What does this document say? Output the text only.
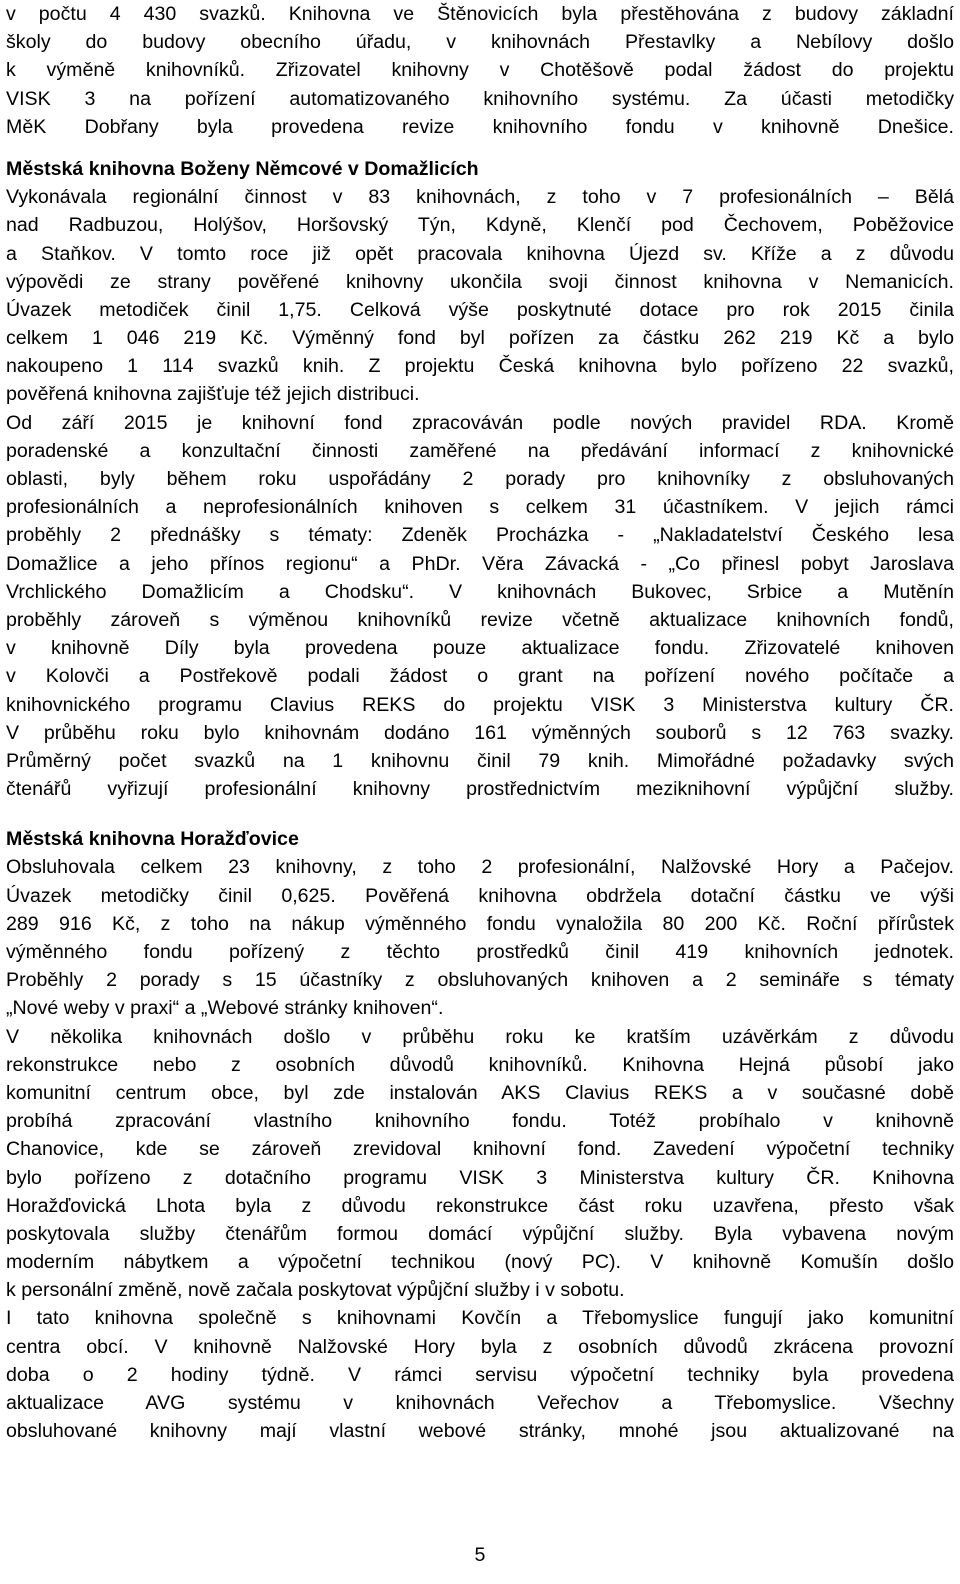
v počtu 4 430 svazků. Knihovna ve Štěnovicích byla přestěhována z budovy základní
školy do budovy obecního úřadu, v knihovnách Přestavlky a Nebílovy došlo
k výměně knihovníků. Zřizovatel knihovny v Chotěšově podal žádost do projektu
VISK 3 na pořízení automatizovaného knihovního systému. Za účasti metodičky
MěK Dobřany byla provedena revize knihovního fondu v knihovně Dnešice.
Městská knihovna Boženy Němcové v Domažlicích
Vykonávala regionální činnost v 83 knihovnách, z toho v 7 profesionálních – Bělá
nad Radbuzou, Holýšov, Horšovský Týn, Kdyně, Klenčí pod Čechovem, Poběžovice
a Staňkov. V tomto roce již opět pracovala knihovna Újezd sv. Kříže a z důvodu
výpovědi ze strany pověřené knihovny ukončila svoji činnost knihovna v Nemanicích.
Úvazek metodiček činil 1,75. Celková výše poskytnuté dotace pro rok 2015 činila
celkem 1 046 219 Kč. Výměnný fond byl pořízen za částku 262 219 Kč a bylo
nakoupeno 1 114 svazků knih. Z projektu Česká knihovna bylo pořízeno 22 svazků,
pověřená knihovna zajišťuje též jejich distribuci.
Od září 2015 je knihovní fond zpracováván podle nových pravidel RDA. Kromě
poradenské a konzultační činnosti zaměřené na předávání informací z knihovnické
oblasti, byly během roku uspořádány 2 porady pro knihovníky z obsluhovaných
profesionálních a neprofesionálních knihoven s celkem 31 účastníkem. V jejich rámci
proběhly 2 přednášky s tématy: Zdeněk Procházka - „Nakladatelství Českého lesa
Domažlice a jeho přínos regionu“ a PhDr. Věra Závacká - „Co přinesl pobyt Jaroslava
Vrchlického Domažlicím a Chodsku“. V knihovnách Bukovec, Srbice a Mutěnín
proběhly zároveň s výměnou knihovníků revize včetně aktualizace knihovních fondů,
v knihovně Díly byla provedena pouze aktualizace fondu. Zřizovatelé knihoven
v Kolovči a Postřekově podali žádost o grant na pořízení nového počítače a
knihovnického programu Clavius REKS do projektu VISK 3 Ministerstva kultury ČR.
V průběhu roku bylo knihovnám dodáno 161 výměnných souborů s 12 763 svazky.
Průměrný počet svazků na 1 knihovnu činil 79 knih. Mimořádné požadavky svých
čtenářů vyřizují profesionální knihovny prostřednictvím meziknihovní výpůjční služby.
Městská knihovna Horažďovice
Obsluhovala celkem 23 knihovny, z toho 2 profesionální, Nalžovské Hory a Pačejov.
Úvazek metodičky činil 0,625. Pověřená knihovna obdržela dotační částku ve výši
289 916 Kč, z toho na nákup výměnného fondu vynaložila 80 200 Kč. Roční přírůstek
výměnného fondu pořízený z těchto prostředků činil 419 knihovních jednotek.
Proběhly 2 porady s 15 účastníky z obsluhovaných knihoven a 2 semináře s tématy
„Nové weby v praxi“ a „Webové stránky knihoven“.
V několika knihovnách došlo v průběhu roku ke kratším uzávěrkám z důvodu
rekonstrukce nebo z osobních důvodů knihovníků. Knihovna Hejná působí jako
komunitní centrum obce, byl zde instalován AKS Clavius REKS a v současné době
probíhá zpracování vlastního knihovního fondu. Totéž probíhalo v knihovně
Chanovice, kde se zároveň zrevidoval knihovní fond. Zavedení výpočetní techniky
bylo pořízeno z dotačního programu VISK 3 Ministerstva kultury ČR. Knihovna
Horažďovická Lhota byla z důvodu rekonstrukce část roku uzavřena, přesto však
poskytovala služby čtenářům formou domácí výpůjční služby. Byla vybavena novým
moderním nábytkem a výpočetní technikou (nový PC). V knihovně Komušín došlo
k personální změně, nově začala poskytovat výpůjční služby i v sobotu.
I tato knihovna společně s knihovnami Kovčín a Třebomyslice fungují jako komunitní
centra obcí. V knihovně Nalžovské Hory byla z osobních důvodů zkrácena provozní
doba o 2 hodiny týdně. V rámci servisu výpočetní techniky byla provedena
aktualizace AVG systému v knihovnách Veřechov a Třebomyslice. Všechny
obsluhované knihovny mají vlastní webové stránky, mnohé jsou aktualizované na
5
